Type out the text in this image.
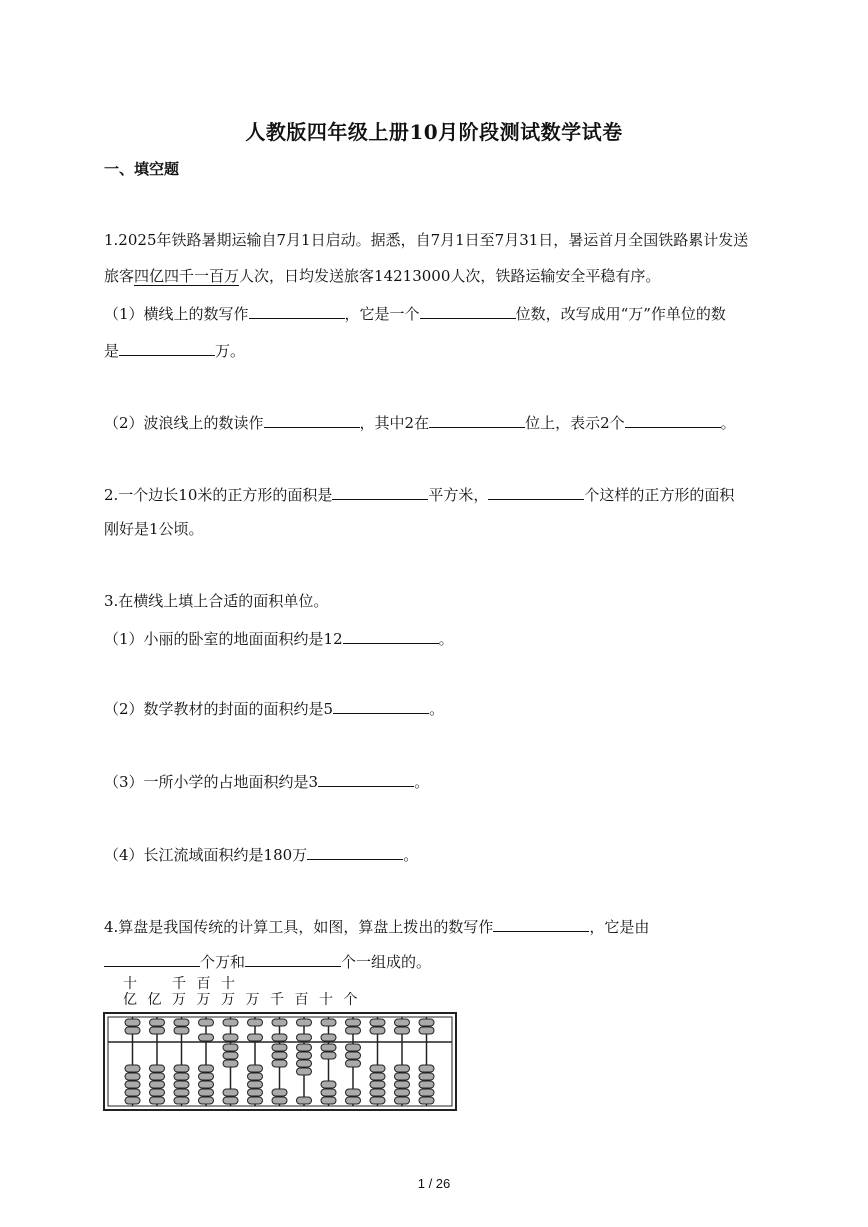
人教版四年级上册10月阶段测试数学试卷
一、填空题
1.2025年铁路暑期运输自7月1日启动。据悉，自7月1日至7月31日，暑运首月全国铁路累计发送
旅客四亿四千一百万人次，日均发送旅客14213000人次，铁路运输安全平稳有序。
（1）横线上的数写作	，它是一个	位数，改写成用“万”作单位的数
是	万。
（2）波浪线上的数读作	，其中2在	位上，表示2个	。
2.一个边长10米的正方形的面积是	平方米，	个这样的正方形的面积
刚好是1公顷。
3.在横线上填上合适的面积单位。
（1）小丽的卧室的地面面积约是12	。
（2）数学教材的封面的面积约是5	。
（3）一所小学的占地面积约是3	。
（4）长江流域面积约是180万	。
4.算盘是我国传统的计算工具，如图，算盘上拨出的数写作	，它是由
个万和	个一组成的。
十
亿 亿
千
万
百
万
十
万 万 千 百 十 个
1 / 26
